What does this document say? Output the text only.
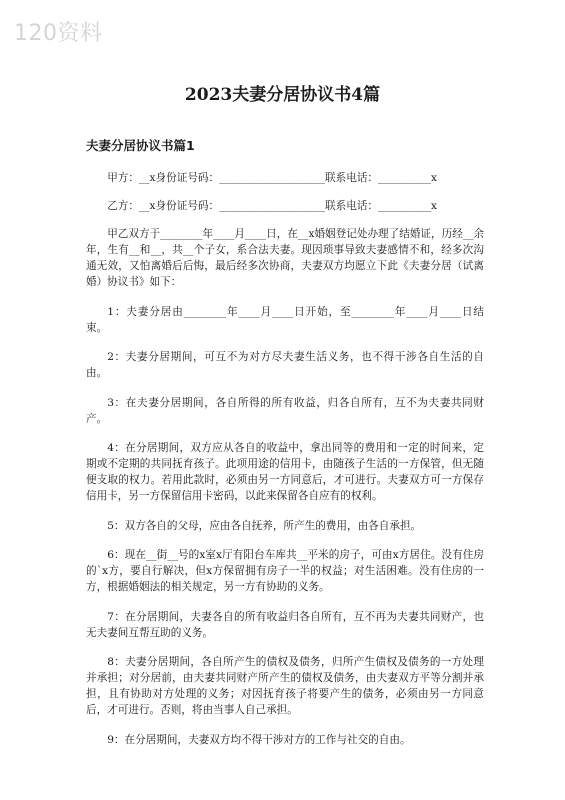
120资料
2023夫妻分居协议书4篇
夫妻分居协议书篇1

甲方：__x身份证号码：____________________联系电话：__________x

乙方：__x身份证号码：____________________联系电话：__________x

甲乙双方于________年____月____日，在__x婚姻登记处办理了结婚证，历经__余年，生有__和__，共__个子女，系合法夫妻。现因琐事导致夫妻感情不和，经多次沟通无效，又怕离婚后后悔，最后经多次协商，夫妻双方均愿立下此《夫妻分居（试离婚）协议书》如下：

1：夫妻分居由________年____月____日开始，至________年____月____日结束。

2：夫妻分居期间，可互不为对方尽夫妻生活义务，也不得干涉各自生活的自由。

3：在夫妻分居期间，各自所得的所有收益，归各自所有，互不为夫妻共同财产。

4：在分居期间，双方应从各自的收益中，拿出同等的费用和一定的时间来，定期或不定期的共同抚育孩子。此项用途的信用卡，由随孩子生活的一方保管，但无随便支取的权力。若用此款时，必须由另一方同意后，才可进行。夫妻双方可一方保存信用卡，另一方保留信用卡密码，以此来保留各自应有的权利。

5：双方各自的父母，应由各自抚养，所产生的费用，由各自承担。

6：现在__街__号的x室x厅有阳台车库共__平米的房子，可由x方居住。没有住房的`x方，要自行解决，但x方保留拥有房子一半的权益；对生活困难。没有住房的一方，根据婚姻法的相关规定，另一方有协助的义务。

7：在分居期间，夫妻各自的所有收益归各自所有，互不再为夫妻共同财产，也无夫妻间互帮互助的义务。

8：夫妻分居期间，各自所产生的债权及债务，归所产生债权及债务的一方处理并承担；对分居前，由夫妻共同财产所产生的债权及债务，由夫妻双方平等分割并承担，且有协助对方处理的义务；对因抚育孩子将要产生的债务，必须由另一方同意后，才可进行。否则，将由当事人自己承担。

9：在分居期间，夫妻双方均不得干涉对方的工作与社交的自由。
